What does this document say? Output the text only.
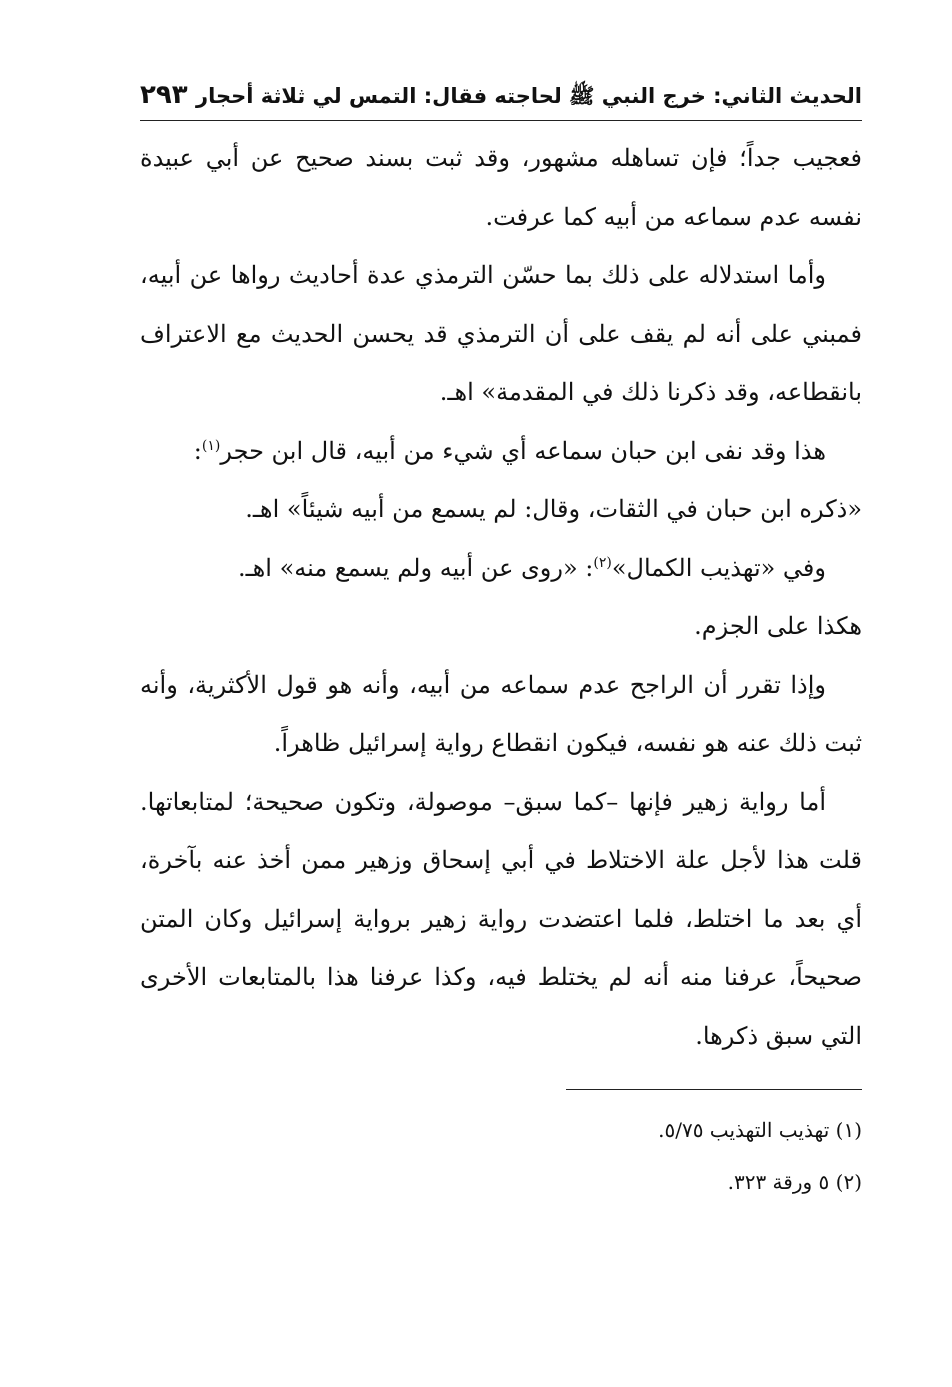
الحديث الثاني: خرج النبي ﷺ لحاجته فقال: التمس لي ثلاثة أحجار
٢٩٣

فعجيب جداً؛ فإن تساهله مشهور، وقد ثبت بسند صحيح عن أبي عبيدة نفسه عدم سماعه من أبيه كما عرفت.

وأما استدلاله على ذلك بما حسّن الترمذي عدة أحاديث رواها عن أبيه، فمبني على أنه لم يقف على أن الترمذي قد يحسن الحديث مع الاعتراف بانقطاعه، وقد ذكرنا ذلك في المقدمة» اهـ.

هذا وقد نفى ابن حبان سماعه أي شيء من أبيه، قال ابن حجر$^{(١)}$:

«ذكره ابن حبان في الثقات، وقال: لم يسمع من أبيه شيئاً» اهـ.

وفي «تهذيب الكمال»$^{(٢)}$: «روى عن أبيه ولم يسمع منه» اهـ.

هكذا على الجزم.

وإذا تقرر أن الراجح عدم سماعه من أبيه، وأنه هو قول الأكثرية، وأنه ثبت ذلك عنه هو نفسه، فيكون انقطاع رواية إسرائيل ظاهراً.

أما رواية زهير فإنها –كما سبق– موصولة، وتكون صحيحة؛ لمتابعاتها. قلت هذا لأجل علة الاختلاط في أبي إسحاق وزهير ممن أخذ عنه بآخرة، أي بعد ما اختلط، فلما اعتضدت رواية زهير برواية إسرائيل وكان المتن صحيحاً، عرفنا منه أنه لم يختلط فيه، وكذا عرفنا هذا بالمتابعات الأخرى التي سبق ذكرها.

(١) تهذيب التهذيب ٥/٧٥.

(٢) ٥ ورقة ٣٢٣.
